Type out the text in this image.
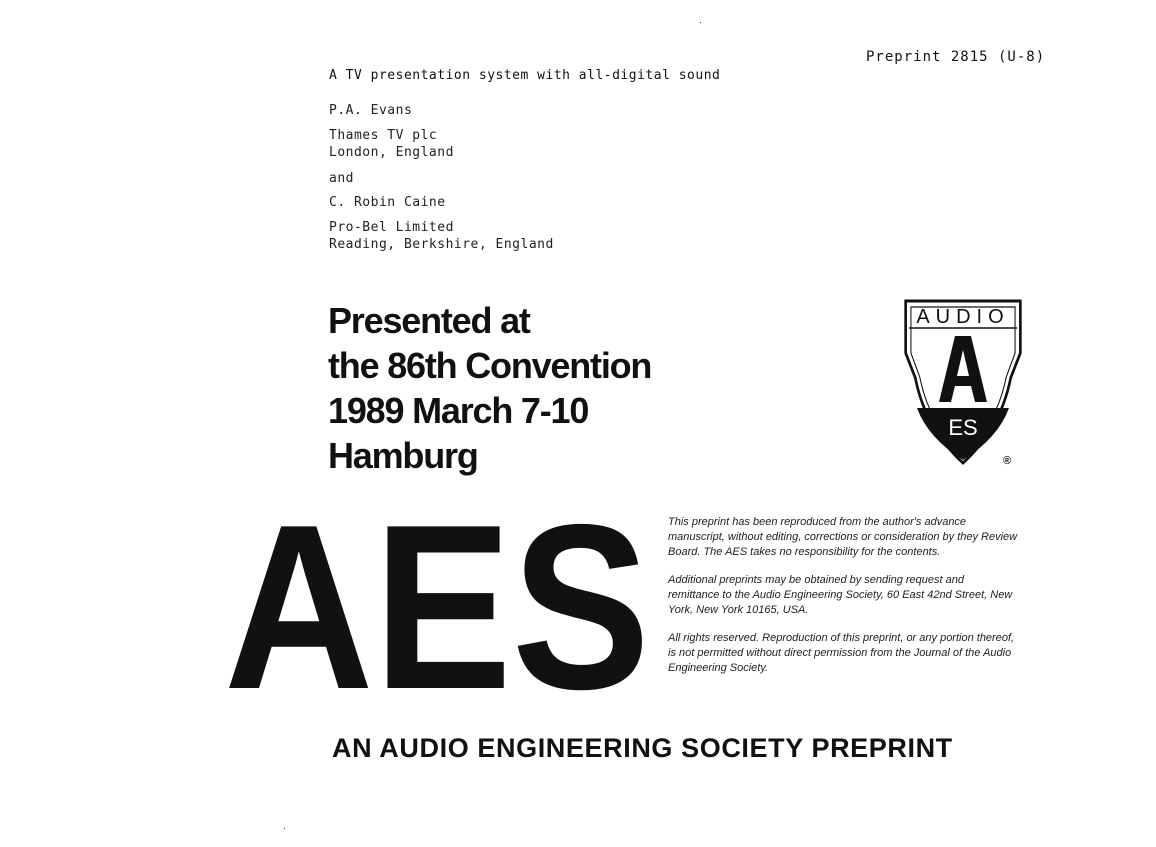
Preprint 2815 (U-8)
A TV presentation system with all-digital sound
P.A. Evans
Thames TV plc
London, England
and
C. Robin Caine
Pro-Bel Limited
Reading, Berkshire, England
Presented at
the 86th Convention
1989 March 7-10
Hamburg
AUDIO
ES
®
AES This preprint has been reproduced from the author's advance manuscript, without editing, corrections or consideration by they Review Board. The AES takes no responsibility for the contents.

Additional preprints may be obtained by sending request and remittance to the Audio Engineering Society, 60 East 42nd Street, New York, New York 10165, USA.

All rights reserved. Reproduction of this preprint, or any portion thereof, is not permitted without direct permission from the Journal of the Audio Engineering Society.

AN AUDIO ENGINEERING SOCIETY PREPRINT
